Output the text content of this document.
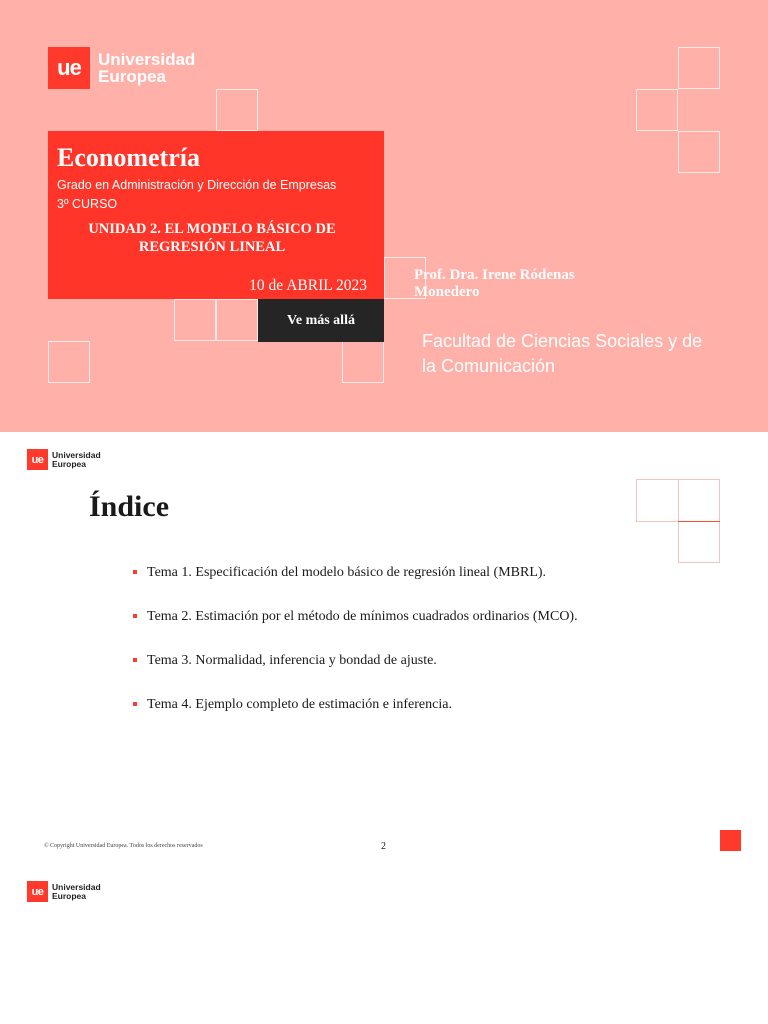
ue	Universidad
Europea
Econometría
Grado en Administración y Dirección de Empresas
3º CURSO
UNIDAD 2. EL MODELO BÁSICO DE
REGRESIÓN LINEAL
10 de ABRIL 2023
Ve más allá
Prof. Dra. Irene Ródenas
Monedero
Facultad de Ciencias Sociales y de
la Comunicación
ue	Universidad
Europea
Índice
Tema 1. Especificación del modelo básico de regresión lineal (MBRL).
Tema 2. Estimación por el método de mínimos cuadrados ordinarios (MCO).
Tema 3. Normalidad, inferencia y bondad de ajuste.
Tema 4. Ejemplo completo de estimación e inferencia.
© Copyright Universidad Europea. Todos los derechos reservados	2
ue	Universidad
Europea
